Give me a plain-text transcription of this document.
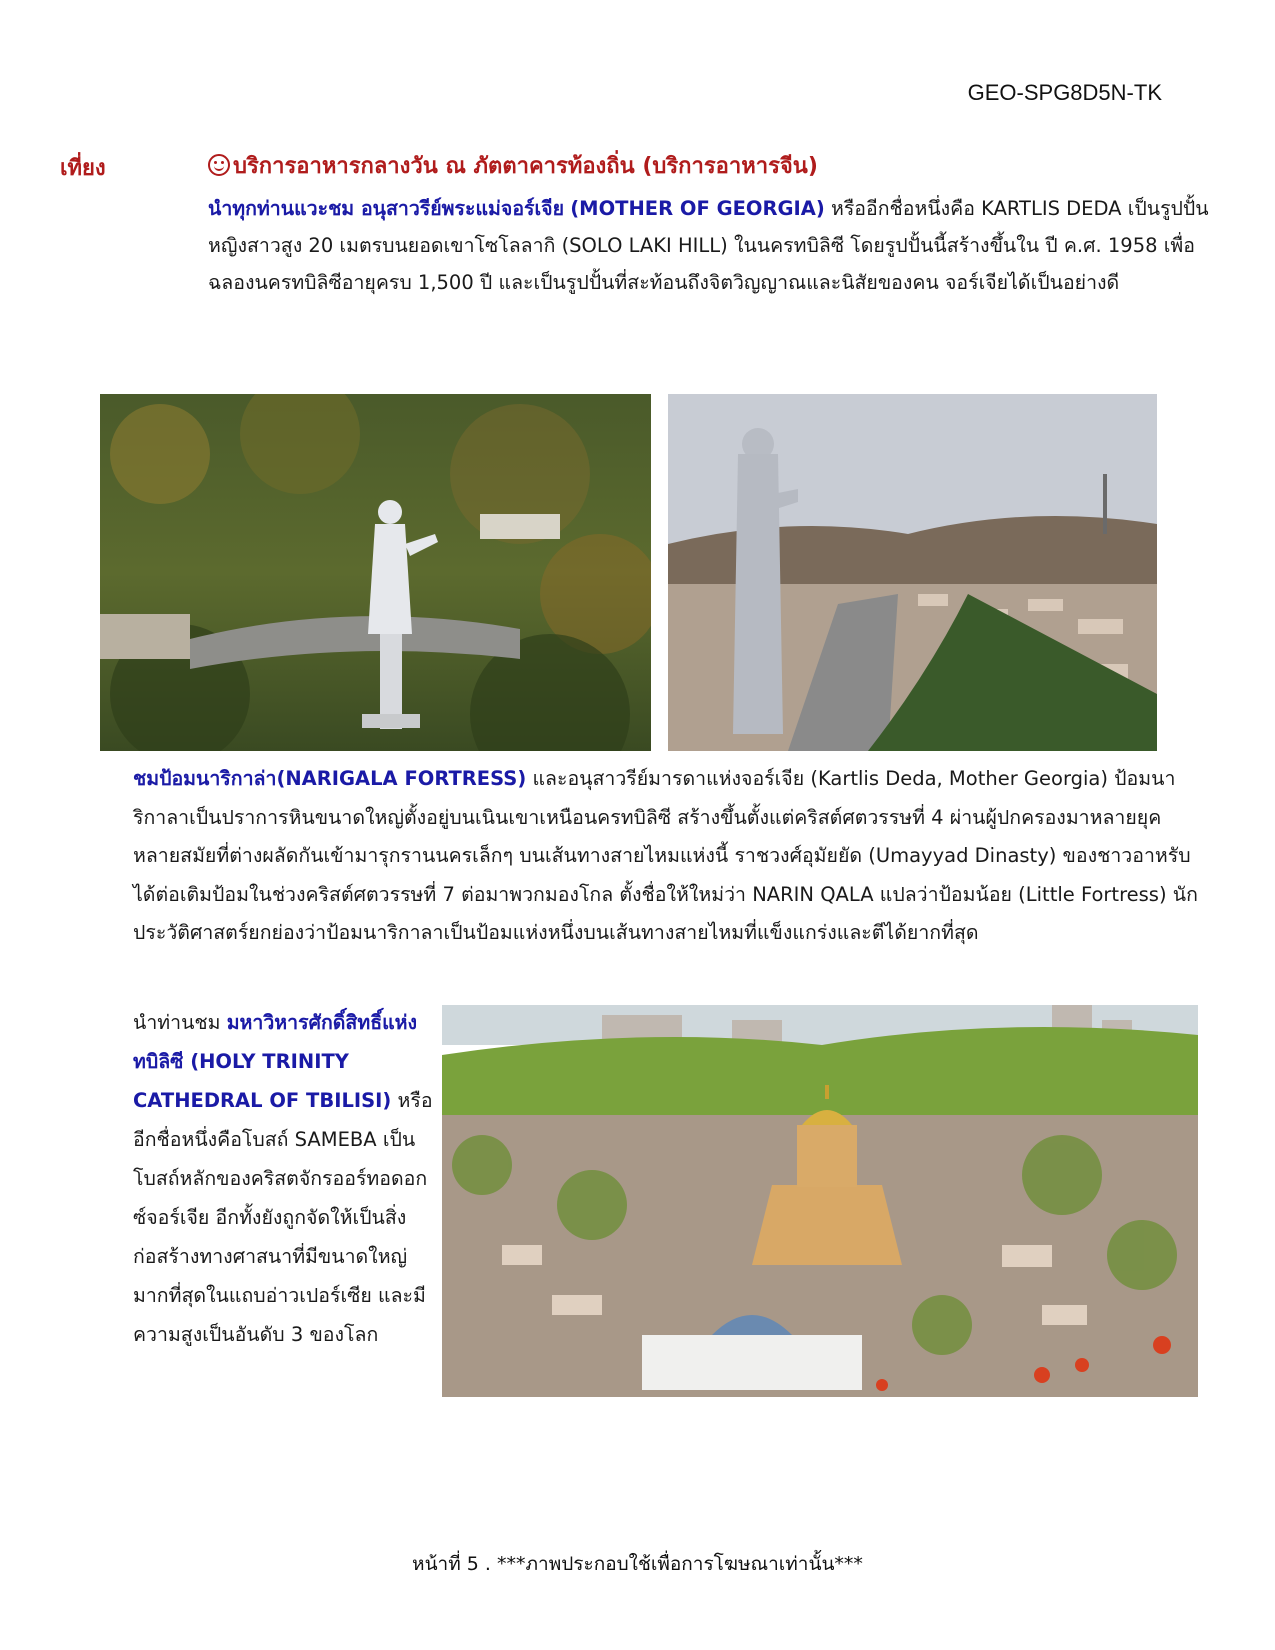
GEO-SPG8D5N-TK
เที่ยง	บริการอาหารกลางวัน ณ ภัตตาคารท้องถิ่น (บริการอาหารจีน)
นำทุกท่านแวะชม อนุสาวรีย์พระแม่จอร์เจีย (MOTHER OF GEORGIA) หรืออีกชื่อหนึ่งคือ KARTLIS DEDA เป็นรูปปั้นหญิงสาวสูง 20 เมตรบนยอดเขาโซโลลากิ (SOLO LAKI HILL) ในนครทบิลิซี โดยรูปปั้นนี้สร้างขึ้นใน ปี ค.ศ. 1958 เพื่อฉลองนครทบิลิซีอายุครบ 1,500 ปี และเป็นรูปปั้นที่สะท้อนถึงจิตวิญญาณและนิสัยของคน จอร์เจียได้เป็นอย่างดี
ชมป้อมนาริกาล่า(NARIGALA FORTRESS) และอนุสาวรีย์มารดาแห่งจอร์เจีย (Kartlis Deda, Mother Georgia) ป้อมนาริกาลาเป็นปราการหินขนาดใหญ่ตั้งอยู่บนเนินเขาเหนือนครทบิลิซี สร้างขึ้นตั้งแต่คริสต์ศตวรรษที่ 4 ผ่านผู้ปกครองมาหลายยุคหลายสมัยที่ต่างผลัดกันเข้ามารุกรานนครเล็กๆ บนเส้นทางสายไหมแห่งนี้ ราชวงศ์อุมัยยัด (Umayyad Dinasty) ของชาวอาหรับได้ต่อเติมป้อมในช่วงคริสต์ศตวรรษที่ 7 ต่อมาพวกมองโกล ตั้งชื่อให้ใหม่ว่า NARIN QALA แปลว่าป้อมน้อย (Little Fortress) นักประวัติศาสตร์ยกย่องว่าป้อมนาริกาลาเป็นป้อมแห่งหนึ่งบนเส้นทางสายไหมที่แข็งแกร่งและตีได้ยากที่สุด
นำท่านชม มหาวิหารศักดิ์สิทธิ์แห่งทบิลิซี (HOLY TRINITY CATHEDRAL OF TBILISI) หรืออีกชื่อหนึ่งคือโบสถ์ SAMEBA เป็นโบสถ์หลักของคริสตจักรออร์ทอดอกซ์จอร์เจีย อีกทั้งยังถูกจัดให้เป็นสิ่งก่อสร้างทางศาสนาที่มีขนาดใหญ่มากที่สุดในแถบอ่าวเปอร์เซีย และมีความสูงเป็นอันดับ 3 ของโลก
หน้าที่ 5 . ***ภาพประกอบใช้เพื่อการโฆษณาเท่านั้น***
